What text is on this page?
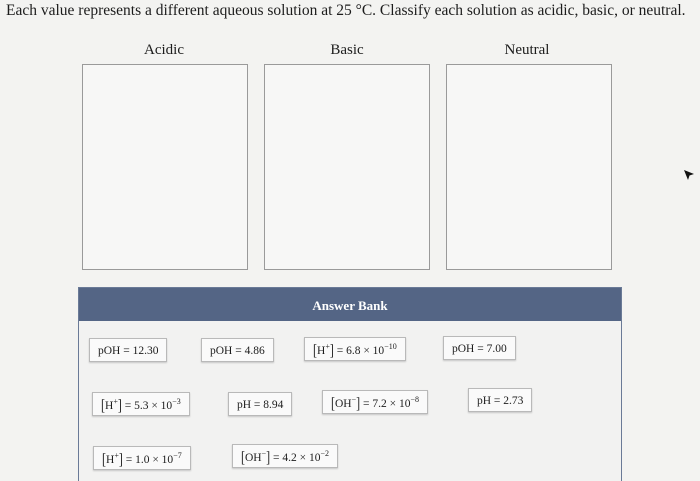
Each value represents a different aqueous solution at 25 °C. Classify each solution as acidic, basic, or neutral.
Acidic	Basic	Neutral
Answer Bank
pOH = 12.30	pOH = 4.86	$[H^+] = 6.8 \times 10^{-10}$	pOH = 7.00
$[H^+] = 5.3 \times 10^{-3}$	pH = 8.94	$[OH^-] = 7.2 \times 10^{-8}$	pH = 2.73
$[H^+] = 1.0 \times 10^{-7}$	$[OH^-] = 4.2 \times 10^{-2}$
